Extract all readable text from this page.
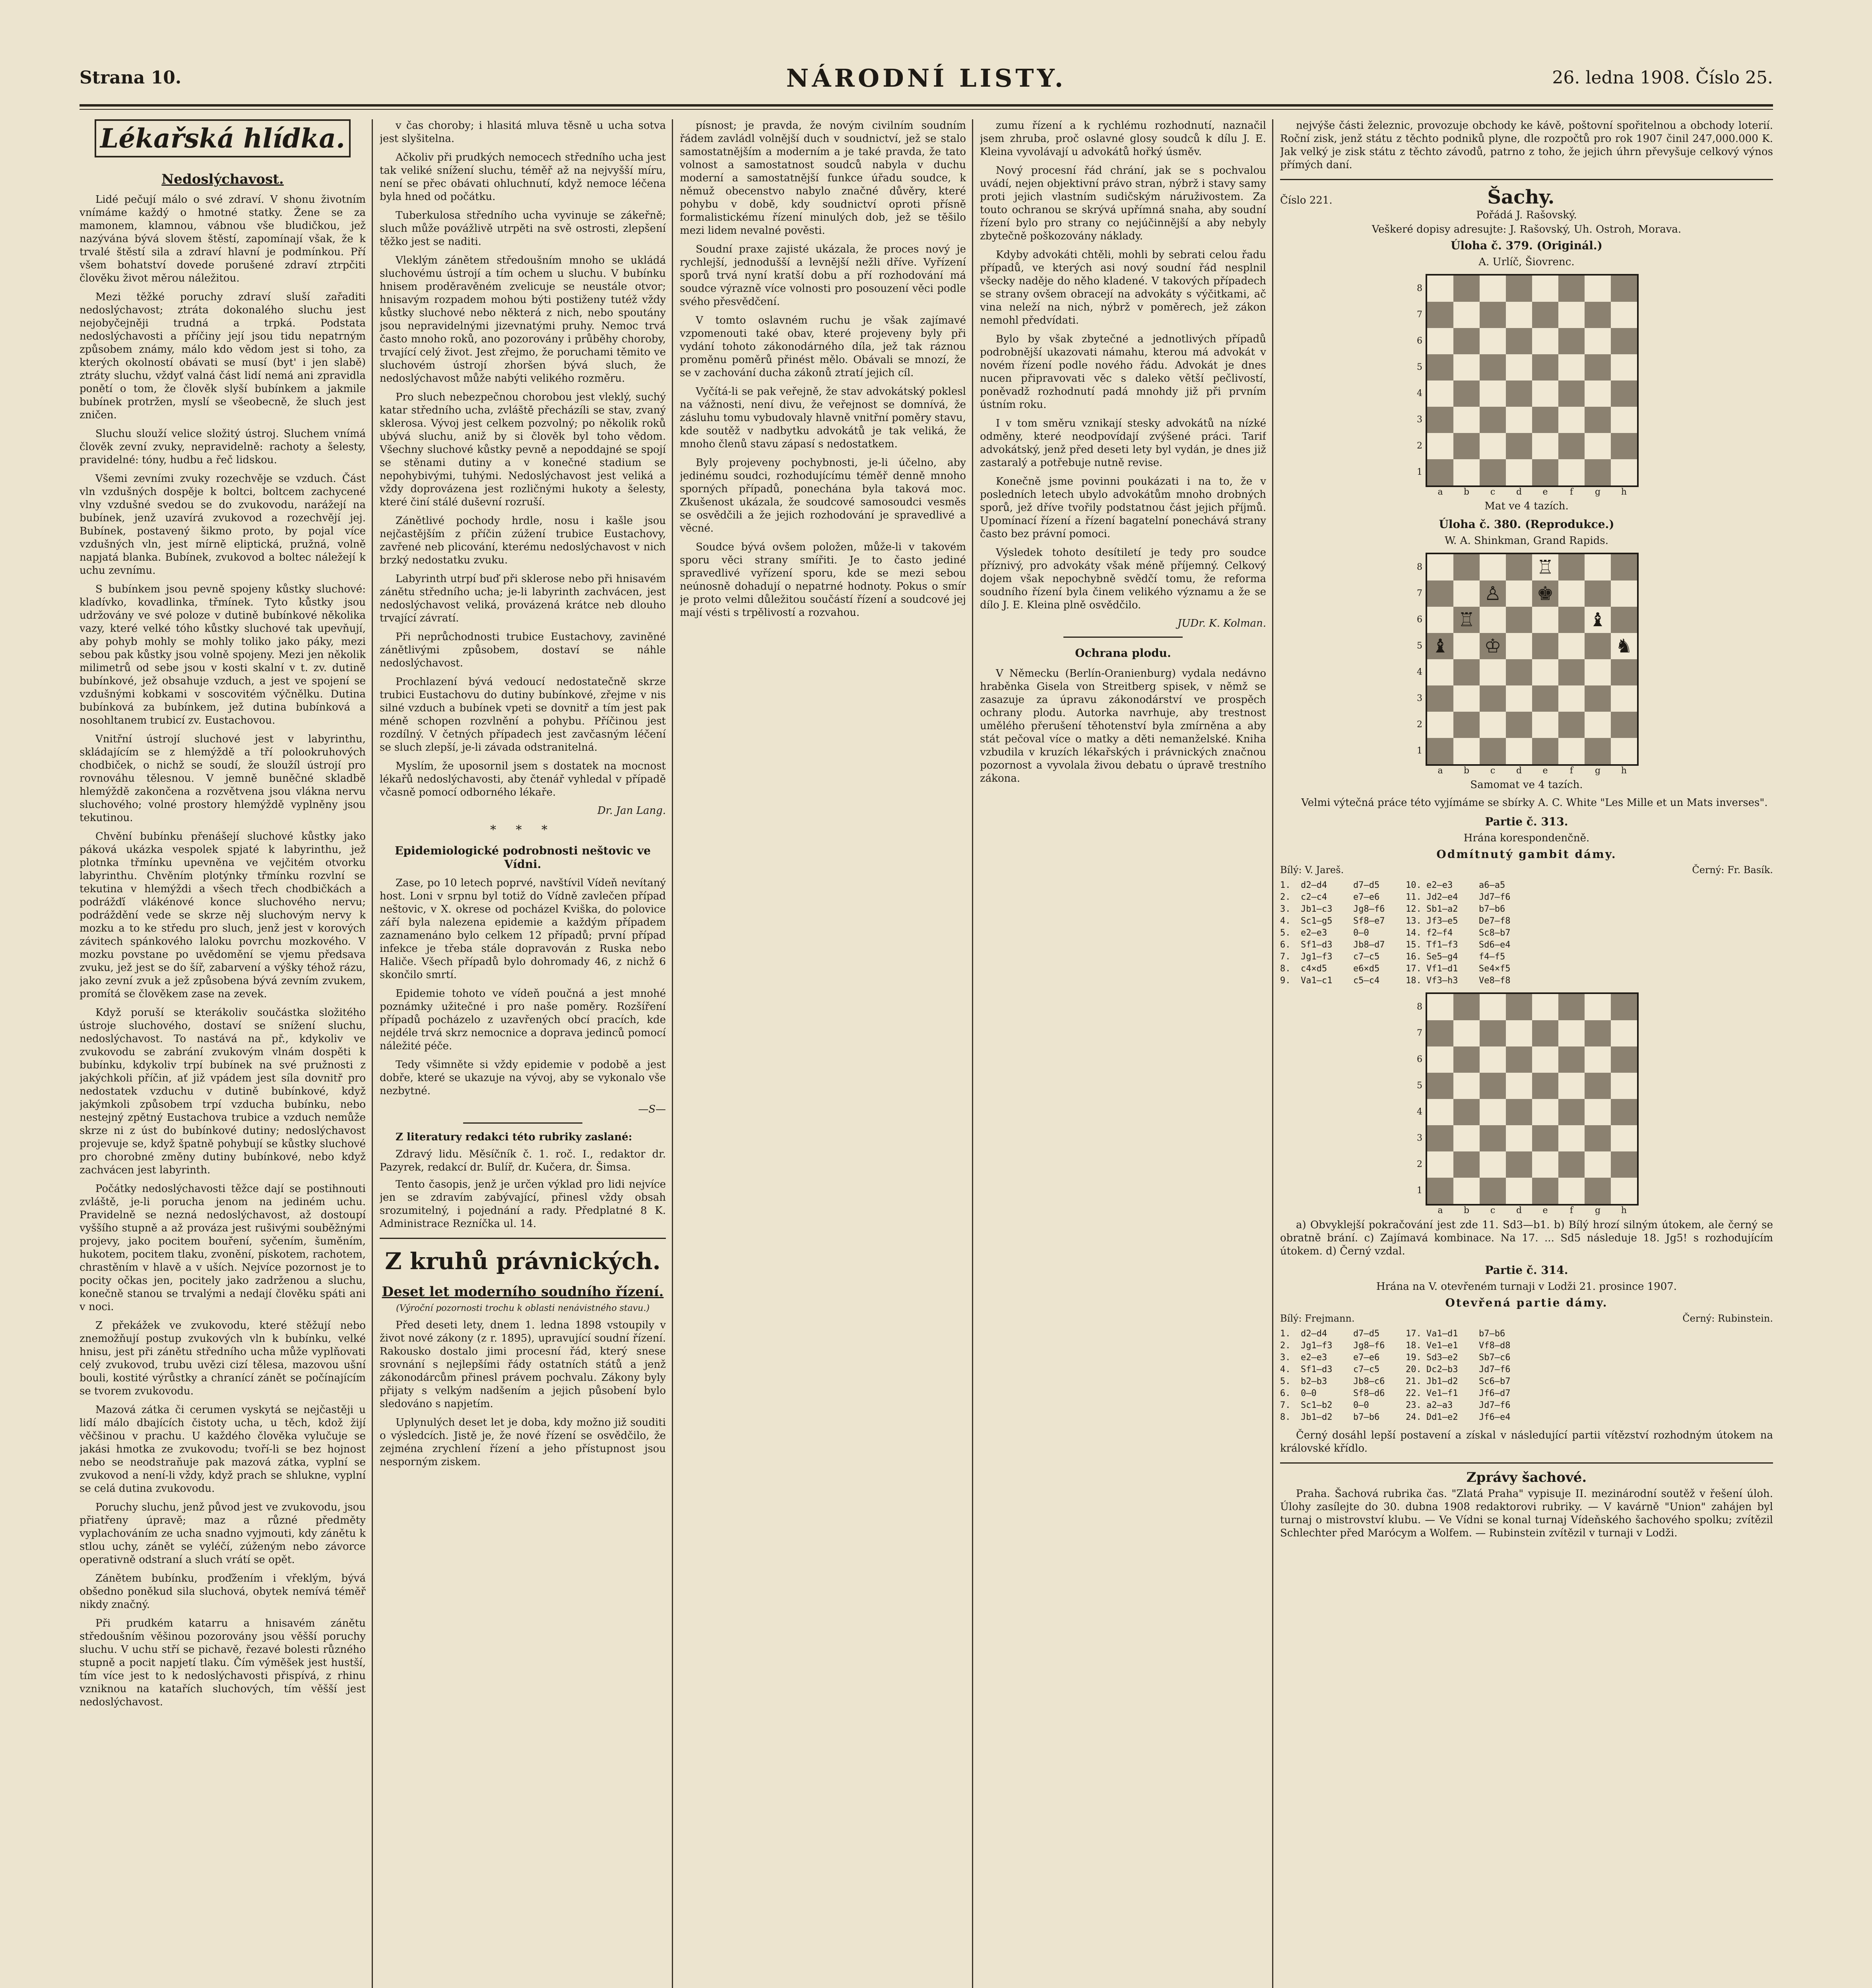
Strana 10.	NÁRODNÍ LISTY.	26. ledna 1908. Číslo 25.
Lékařská hlídka.
Nedoslýchavost.

Lidé pečují málo o své zdraví. V shonu životním vnímáme každý o hmotné statky. Žene se za mamonem, klamnou, vábnou vše bludičkou, jež nazývána bývá slovem štěstí, zapomínají však, že k trvalé štěstí sila a zdraví hlavní je podmínkou. Pří všem bohatství dovede porušené zdraví ztrpčiti člověku život měrou náležitou.

Mezi těžké poruchy zdraví sluší zařaditi nedoslýchavost; ztráta dokonalého sluchu jest nejobyčejněji trudná a trpká. Podstata nedoslýchavosti a příčiny její jsou tidu nepatrným způsobem známy, málo kdo vědom jest si toho, za kterých okolností obávati se musí (byt' i jen slabě) ztráty sluchu, vždyť valná část lidí nemá ani zpravidla ponětí o tom, že člověk slyší bubínkem a jakmile bubínek protržen, myslí se všeobecně, že sluch jest zničen.

Sluchu slouží velice složitý ústroj. Sluchem vnímá člověk zevní zvuky, nepravidelně: rachoty a šelesty, pravidelné: tóny, hudbu a řeč lidskou.

Všemi zevními zvuky rozechvěje se vzduch. Část vln vzdušných dospěje k boltci, boltcem zachycené vlny vzdušné svedou se do zvukovodu, narážejí na bubínek, jenž uzavírá zvukovod a rozechvějí jej. Bubínek, postavený šikmo proto, by pojal více vzdušných vln, jest mírně eliptická, pružná, volně napjatá blanka. Bubínek, zvukovod a boltec náležejí k uchu zevnímu.

S bubínkem jsou pevně spojeny kůstky sluchové: kladívko, kovadlinka, třmínek. Tyto kůstky jsou udržovány ve své poloze v dutině bubínkové několika vazy, které velké tóho kůstky sluchové tak upevňují, aby pohyb mohly se mohly toliko jako páky, mezi sebou pak kůstky jsou volně spojeny. Mezi jen několik milimetrů od sebe jsou v kosti skalní v t. zv. dutině bubínkové, jež obsahuje vzduch, a jest ve spojení se vzdušnými kobkami v soscovitém výčnělku. Dutina bubínková za bubínkem, jež dutina bubínková a nosohltanem trubicí zv. Eustachovou.

Vnitřní ústrojí sluchové jest v labyrinthu, skládajícím se z hlemýždě a tří polookruhových chodbiček, o nichž se soudí, že sloužíl ústrojí pro rovnováhu tělesnou. V jemně buněčné skladbě hlemýždě zakončena a rozvětvena jsou vlákna nervu sluchového; volné prostory hlemýždě vyplněny jsou tekutinou.

Chvění bubínku přenášejí sluchové kůstky jako páková ukázka vespolek spjaté k labyrinthu, jež plotnka třmínku upevněna ve vejčitém otvorku labyrinthu. Chvěním plotýnky třmínku rozvlní se tekutina v hlemýždi a všech třech chodbičkách a podrážďí vlákénové konce sluchového nervu; podráždění vede se skrze něj sluchovým nervy k mozku a to ke středu pro sluch, jenž jest v korových závitech spánkového laloku povrchu mozkového. V mozku povstane po uvědomění se vjemu předsava zvuku, jež jest se do šíř, zabarvení a výšky téhož rázu, jako zevní zvuk a jež způsobena bývá zevním zvukem, promítá se člověkem zase na zevek.

Když poruší se kterákoliv součástka složitého ústroje sluchového, dostaví se snížení sluchu, nedoslýchavost. To nastává na př., kdykoliv ve zvukovodu se zabrání zvukovým vlnám dospěti k bubínku, kdykoliv trpí bubínek na své pružnosti z jakýchkoli příčin, ať již vpádem jest síla dovnitř pro nedostatek vzduchu v dutině bubínkové, když jakýmkoli způsobem trpí vzducha bubínku, nebo nestejný zpětný Eustachova trubice a vzduch nemůže skrze ni z úst do bubínkové dutiny; nedoslýchavost projevuje se, když špatně pohybují se kůstky sluchové pro chorobné změny dutiny bubínkové, nebo když zachvácen jest labyrinth.

Počátky nedoslýchavosti těžce dají se postihnouti zvláště, je-li porucha jenom na jediném uchu. Pravidelně se nezná nedoslýchavost, až dostoupí vyššího stupně a až prováza jest rušivými souběžnými projevy, jako pocitem bouření, syčením, šuměním, hukotem, pocitem tlaku, zvonění, pískotem, rachotem, chrastěním v hlavě a v uších. Nejvíce pozornost je to pocity očkas jen, pocitely jako zadrženou a sluchu, konečně stanou se trvalými a nedají člověku spáti ani v noci.

Z překážek ve zvukovodu, které stěžují nebo znemožňují postup zvukových vln k bubínku, velké hnisu, jest při zánětu středního ucha může vyplňovati celý zvukovod, trubu uvězi cizí tělesa, mazovou ušní bouli, kostité výrůstky a chranící zánět se počínajícím se tvorem zvukovodu.

Mazová zátka či cerumen vyskytá se nejčastěji u lidí málo dbajících čistoty ucha, u těch, kdož žijí věčšinou v prachu. U každého člověka vylučuje se jakási hmotka ze zvukovodu; tvoří-li se bez hojnost nebo se neodstraňuje pak mazová zátka, vyplní se zvukovod a není-li vždy, když prach se shlukne, vyplní se celá dutina zvukovodu.

Poruchy sluchu, jenž původ jest ve zvukovodu, jsou přiatřeny úpravě; maz a různé předměty vyplachováním ze ucha snadno vyjmouti, kdy zánětu k stlou uchy, zánět se vyléčí, zúženým nebo závorce operativně odstraní a sluch vrátí se opět.

Zánětem bubínku, proďžením i vřeklým, bývá obšedno poněkud sila sluchová, obytek nemívá téměř nikdy značný.

Při prudkém katarru a hnisavém zánětu středoušním věšinou pozorovány jsou věšší poruchy sluchu. V uchu stří se pichavě, řezavé bolesti různého stupně a pocit napjetí tlaku. Čím výměšek jest hustší, tím více jest to k nedoslýchavosti přispívá, z rhinu vzniknou na katařích sluchových, tím věšší jest nedoslýchavost.

v čas choroby; i hlasitá mluva těsně u ucha sotva jest slyšitelna.

Ačkoliv při prudkých nemocech středního ucha jest tak veliké snížení sluchu, téměř až na nejvyšší míru, není se přec obávati ohluchnutí, když nemoce léčena byla hned od počátku.

Tuberkulosa středního ucha vyvinuje se zákeřně; sluch může povážlivě utrpěti na svě ostrosti, zlepšení těžko jest se naditi.

Vleklým zánětem středoušním mnoho se ukládá sluchovému ústrojí a tím ochem u sluchu. V bubínku hnisem proděravěném zvelicuje se neustále otvor; hnisavým rozpadem mohou býti postiženy tutéž vždy kůstky sluchové nebo některá z nich, nebo spoutány jsou nepravidelnými jizevnatými pruhy. Nemoc trvá často mnoho roků, ano pozorovány i průběhy choroby, trvající celý život. Jest zřejmo, že poruchami těmito ve sluchovém ústrojí zhoršen bývá sluch, že nedoslýchavost může nabýti velikého rozměru.

Pro sluch nebezpečnou chorobou jest vleklý, suchý katar středního ucha, zvláště přecházíli se stav, zvaný sklerosa. Vývoj jest celkem pozvolný; po několik roků ubývá sluchu, aniž by si člověk byl toho vědom. Všechny sluchové kůstky pevně a nepoddajné se spojí se stěnami dutiny a v konečné stadium se nepohybivými, tuhými. Nedoslýchavost jest veliká a vždy doprovázena jest rozličnými hukoty a šelesty, které činí stálé duševní rozruší.

Zánětlivé pochody hrdle, nosu i kašle jsou nejčastějším z příčin zúžení trubice Eustachovy, zavřené neb plicování, kterému nedoslýchavost v nich brzký nedostatku zvuku.

Labyrinth utrpí buď při sklerose nebo při hnisavém zánětu středního ucha; je-li labyrinth zachvácen, jest nedoslýchavost veliká, provázená krátce neb dlouho trvající závratí.

Při neprůchodnosti trubice Eustachovy, zaviněné zánětlivými způsobem, dostaví se náhle nedoslýchavost.

Prochlazení bývá vedoucí nedostatečně skrze trubici Eustachovu do dutiny bubínkové, zřejme v nis silné vzduch a bubínek vpeti se dovnitř a tím jest pak méně schopen rozvlnění a pohybu. Příčinou jest rozdílný. V četných případech jest zavčasným léčení se sluch zlepší, je-li závada odstranitelná.

Myslím, že uposornil jsem s dostatek na mocnost lékařů nedoslýchavosti, aby čtenář vyhledal v případě včasně pomocí odborného lékaře.

Dr. Jan Lang.
* * *
Epidemiologické podrobnosti neštovic ve Vídni.

Zase, po 10 letech poprvé, navštívil Vídeň nevítaný host. Loni v srpnu byl totiž do Vídně zavlečen případ neštovic, v X. okrese od pocházel Kviška, do polovice září byla nalezena epidemie a každým případem zaznamenáno bylo celkem 12 případů; první případ infekce je třeba stále dopravován z Ruska nebo Haliče. Všech případů bylo dohromady 46, z nichž 6 skončilo smrtí.

Epidemie tohoto ve vídeň poučná a jest mnohé poznámky užitečné i pro naše poměry. Rozšíření případů pocházelo z uzavřených obcí pracích, kde nejdéle trvá skrz nemocnice a doprava jedinců pomocí náležité péče.

Tedy všimněte si vždy epidemie v podobě a jest dobře, které se ukazuje na vývoj, aby se vykonalo vše nezbytné.

—S—

Z literatury redakci této rubriky zaslané:

Zdravý lidu. Měsíčník č. 1. roč. I., redaktor dr. Pazyrek, redakcí dr. Bulíř, dr. Kučera, dr. Šimsa.

Tento časopis, jenž je určen výklad pro lidi nejvíce jen se zdravím zabývající, přinesl vždy obsah srozumitelný, i pojednání a rady. Předplatné 8 K. Administrace Rezníčka ul. 14.

Z kruhů právnických.
Deset let moderního soudního řízení.
(Výroční pozornosti trochu k oblasti nenávistného stavu.)

Před deseti lety, dnem 1. ledna 1898 vstoupily v život nové zákony (z r. 1895), upravující soudní řízení. Rakousko dostalo jimi procesní řád, který snese srovnání s nejlepšími řády ostatních států a jenž zákonodárcům přinesl právem pochvalu. Zákony byly přijaty s velkým nadšením a jejich působení bylo sledováno s napjetím.

Uplynulých deset let je doba, kdy možno již souditi o výsledcích. Jistě je, že nové řízení se osvědčilo, že zejména zrychlení řízení a jeho přístupnost jsou nesporným ziskem.

písnost; je pravda, že novým civilním soudním řádem zavládl volnější duch v soudnictví, jež se stalo samostatnějším a moderním a je také pravda, že tato volnost a samostatnost soudců nabyla v duchu moderní a samostatnější funkce úřadu soudce, k němuž obecenstvo nabylo značné důvěry, které pohybu v době, kdy soudnictví oproti přísně formalistickému řízení minulých dob, jež se těšilo mezi lidem nevalné pověsti.

Soudní praxe zajisté ukázala, že proces nový je rychlejší, jednodušší a levnější nežli dříve. Vyřízení sporů trvá nyní kratší dobu a pří rozhodování má soudce výrazně více volnosti pro posouzení věci podle svého přesvědčení.

V tomto oslavném ruchu je však zajímavé vzpomenouti také obav, které projeveny byly při vydání tohoto zákonodárného díla, jež tak ráznou proměnu poměrů přinést mělo. Obávali se mnozí, že se v zachování ducha zákonů ztratí jejich cíl.

Vyčítá-li se pak veřejně, že stav advokátský poklesl na vážnosti, není divu, že veřejnost se domnívá, že zásluhu tomu vybudovaly hlavně vnitřní poměry stavu, kde soutěž v nadbytku advokátů je tak veliká, že mnoho členů stavu zápasí s nedostatkem.

Byly projeveny pochybnosti, je-li účelno, aby jedinému soudci, rozhodujícímu téměř denně mnoho sporných případů, ponechána byla taková moc. Zkušenost ukázala, že soudcové samosoudci vesměs se osvědčili a že jejich rozhodování je spravedlivé a věcné.

Soudce bývá ovšem položen, může-li v takovém sporu věci strany smířiti. Je to často jediné spravedlivé vyřízení sporu, kde se mezi sebou neúnosně dohadují o nepatrné hodnoty. Pokus o smír je proto velmi důležitou součástí řízení a soudcové jej mají vésti s trpělivostí a rozvahou.

zumu řízení a k rychlému rozhodnutí, naznačil jsem zhruba, proč oslavné glosy soudců k dílu J. E. Kleina vyvolávají u advokátů hořký úsměv.

Nový procesní řád chrání, jak se s pochvalou uvádí, nejen objektivní právo stran, nýbrž i stavy samy proti jejich vlastním sudičským náruživostem. Za touto ochranou se skrývá upřímná snaha, aby soudní řízení bylo pro strany co nejúčinnější a aby nebyly zbytečně poškozovány náklady.

Kdyby advokáti chtěli, mohli by sebrati celou řadu případů, ve kterých asi nový soudní řád nesplnil všecky naděje do něho kladené. V takových případech se strany ovšem obracejí na advokáty s výčitkami, ač vina neleží na nich, nýbrž v poměrech, jež zákon nemohl předvídati.

Bylo by však zbytečné a jednotlivých případů podrobnější ukazovati námahu, kterou má advokát v novém řízení podle nového řádu. Advokát je dnes nucen připravovati věc s daleko větší pečlivostí, poněvadž rozhodnutí padá mnohdy již při prvním ústním roku.

I v tom směru vznikají stesky advokátů na nízké odměny, které neodpovídají zvýšené práci. Tarif advokátský, jenž před deseti lety byl vydán, je dnes již zastaralý a potřebuje nutně revise.

Konečně jsme povinni poukázati i na to, že v posledních letech ubylo advokátům mnoho drobných sporů, jež dříve tvořily podstatnou část jejich příjmů. Upomínací řízení a řízení bagatelní ponechává strany často bez právní pomoci.

Výsledek tohoto desítiletí je tedy pro soudce příznivý, pro advokáty však méně příjemný. Celkový dojem však nepochybně svědčí tomu, že reforma soudního řízení byla činem velikého významu a že se dílo J. E. Kleina plně osvědčilo.

JUDr. K. Kolman.
Ochrana plodu.

V Německu (Berlín-Oranienburg) vydala nedávno hraběnka Gisela von Streitberg spisek, v němž se zasazuje za úpravu zákonodárství ve prospěch ochrany plodu. Autorka navrhuje, aby trestnost umělého přerušení těhotenství byla zmírněna a aby stát pečoval více o matky a děti nemanželské. Kniha vzbudila v kruzích lékařských i právnických značnou pozornost a vyvolala živou debatu o úpravě trestního zákona.

nejvýše části železnic, provozuje obchody ke kávě, poštovní spořitelnou a obchody loterií. Roční zisk, jenž státu z těchto podniků plyne, dle rozpočtů pro rok 1907 činil 247,000.000 K. Jak velký je zisk státu z těchto závodů, patrno z toho, že jejich úhrn převyšuje celkový výnos přímých daní.

Číslo 221.	Šachy.
Pořádá J. Rašovský.
Veškeré dopisy adresujte: J. Rašovský, Uh. Ostroh, Morava.
Úloha č. 379. (Originál.)
A. Urlíč, Šiovrenc.
8
7
6
5
4
3
2
1
a	b	c	d	e	f	g	h
Mat ve 4 tazích.
Úloha č. 380. (Reprodukce.)
W. A. Shinkman, Grand Rapids.
8
7
6
5
4
3
2
1
♖
♙ ♚
♖	♝
♝ ♔	♞
a	b	c	d	e	f	g	h
Samomat ve 4 tazích.

Velmi výtečná práce této vyjímáme se sbírky A. C. White "Les Mille et un Mats inverses".

Partie č. 313.
Hrána korespondenčně.
Odmítnutý gambit dámy.
Bílý: V. Jareš.	Černý: Fr. Basík.
1.	d2—d4	d7—d5	10. e2—e3	a6—a5
2.	c2—c4	e7—e6	11. Jd2—e4	Jd7—f6
3.	Jb1—c3	Jg8—f6	12. Sb1—a2	b7—b6
4.	Sc1—g5	Sf8—e7	13. Jf3—e5	De7—f8
5.	e2—e3	0—0	14. f2—f4	Sc8—b7
6.	Sf1—d3	Jb8—d7	15. Tf1—f3	Sd6—e4
7.	Jg1—f3	c7—c5	16. Se5—g4	f4—f5
8.	c4×d5	e6×d5	17. Vf1—d1	Se4×f5
9.	Va1—c1	c5—c4	18. Vf3—h3	Ve8—f8
8
7
6
5
4
3
2
1
a	b	c	d	e	f	g	h

a) Obvyklejší pokračování jest zde 11. Sd3—b1. b) Bílý hrozí silným útokem, ale černý se obratně brání. c) Zajímavá kombinace. Na 17. ... Sd5 následuje 18. Jg5! s rozhodujícím útokem. d) Černý vzdal.

Partie č. 314.
Hrána na V. otevřeném turnaji v Lodži 21. prosince 1907.
Otevřená partie dámy.
Bílý: Frejmann.	Černý: Rubinstein.
1.	d2—d4	d7—d5	17. Va1—d1	b7—b6
2.	Jg1—f3	Jg8—f6	18. Ve1—e1	Vf8—d8
3.	e2—e3	e7—e6	19. Sd3—e2	Sb7—c6
4.	Sf1—d3	c7—c5	20. Dc2—b3	Jd7—f6
5.	b2—b3	Jb8—c6	21. Jb1—d2	Sc6—b7
6.	0—0	Sf8—d6	22. Ve1—f1	Jf6—d7
7.	Sc1—b2	0—0	23. a2—a3	Jd7—f6
8.	Jb1—d2	b7—b6	24. Dd1—e2	Jf6—e4

Černý dosáhl lepší postavení a získal v následující partii vítězství rozhodným útokem na královské křídlo.

Zprávy šachové.

Praha. Šachová rubrika čas. "Zlatá Praha" vypisuje II. mezinárodní soutěž v řešení úloh. Úlohy zasílejte do 30. dubna 1908 redaktorovi rubriky. — V kavárně "Union" zahájen byl turnaj o mistrovství klubu. — Ve Vídni se konal turnaj Vídeňského šachového spolku; zvítězil Schlechter před Marócym a Wolfem. — Rubinstein zvítězil v turnaji v Lodži.
